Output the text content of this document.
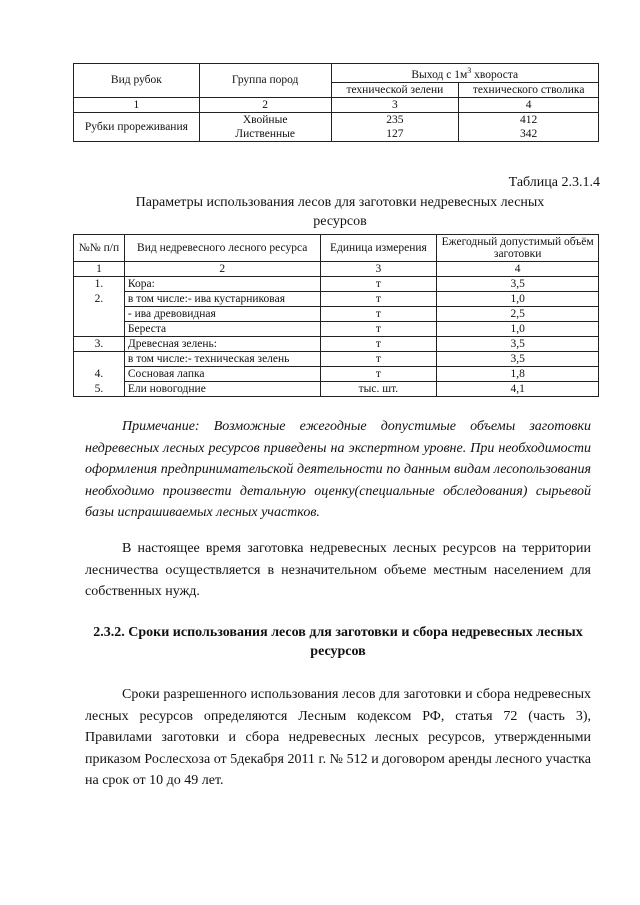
Вид рубок	Группа пород	Выход с $1м^3$ хвороста	
		технической зелени	технического стволика
1	2	3	4
Рубки прореживания	Хвойные	235	412
	Лиственные	127	342
Таблица 2.3.1.4
Параметры использования лесов для заготовки недревесных лесных ресурсов
№№ п/п	Вид недревесного лесного ресурса	Единица измерения	Ежегодный допустимый объём заготовки
1	2	3	4
1.	Кора:	т	3,5
2.	в том числе:- ива кустарниковая	т	1,0
	- ива древовидная	т	2,5
	Береста	т	1,0
3.	Древесная зелень:	т	3,5
	в том числе:- техническая зелень	т	3,5
4.	Сосновая лапка	т	1,8
5.	Ели новогодние	тыс. шт.	4,1
Примечание: Возможные ежегодные допустимые объемы заготовки недревесных лесных ресурсов приведены на экспертном уровне. При необходимости оформления предпринимательской деятельности по данным видам лесопользования необходимо произвести детальную оценку(специальные обследования) сырьевой базы испрашиваемых лесных участков.
В настоящее время заготовка недревесных лесных ресурсов на территории лесничества осуществляется в незначительном объеме местным населением для собственных нужд.
2.3.2. Сроки использования лесов для заготовки и сбора недревесных лесных ресурсов
Сроки разрешенного использования лесов для заготовки и сбора недревесных лесных ресурсов определяются Лесным кодексом РФ, статья 72 (часть 3), Правилами заготовки и сбора недревесных лесных ресурсов, утвержденными приказом Рослесхоза от 5декабря 2011 г. № 512 и договором аренды лесного участка на срок от 10 до 49 лет.
